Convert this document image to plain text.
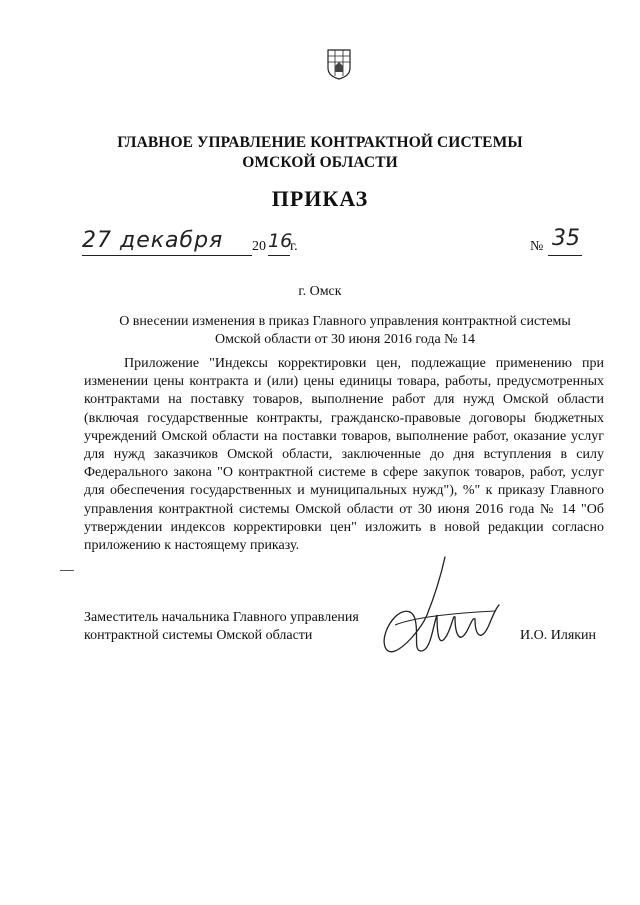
ГЛАВНОЕ УПРАВЛЕНИЕ КОНТРАКТНОЙ СИСТЕМЫ
ОМСКОЙ ОБЛАСТИ
ПРИКАЗ
27 декабря 20 16
г.	№ 35
г. Омск
О внесении изменения в приказ Главного управления контрактной системы
Омской области от 30 июня 2016 года № 14
Приложение "Индексы корректировки цен, подлежащие применению при изменении цены контракта и (или) цены единицы товара, работы, предусмотренных контрактами на поставку товаров, выполнение работ для нужд Омской области (включая государственные контракты, гражданско-правовые договоры бюджетных учреждений Омской области на поставки товаров, выполнение работ, оказание услуг для нужд заказчиков Омской области, заключенные до дня вступления в силу Федерального закона "О контрактной системе в сфере закупок товаров, работ, услуг для обеспечения государственных и муниципальных нужд"), %" к приказу Главного управления контрактной системы Омской области от 30 июня 2016 года № 14 "Об утверждении индексов корректировки цен" изложить в новой редакции согласно приложению к настоящему приказу.
Заместитель начальника Главного управления
контрактной системы Омской области	И.О. Илякин
